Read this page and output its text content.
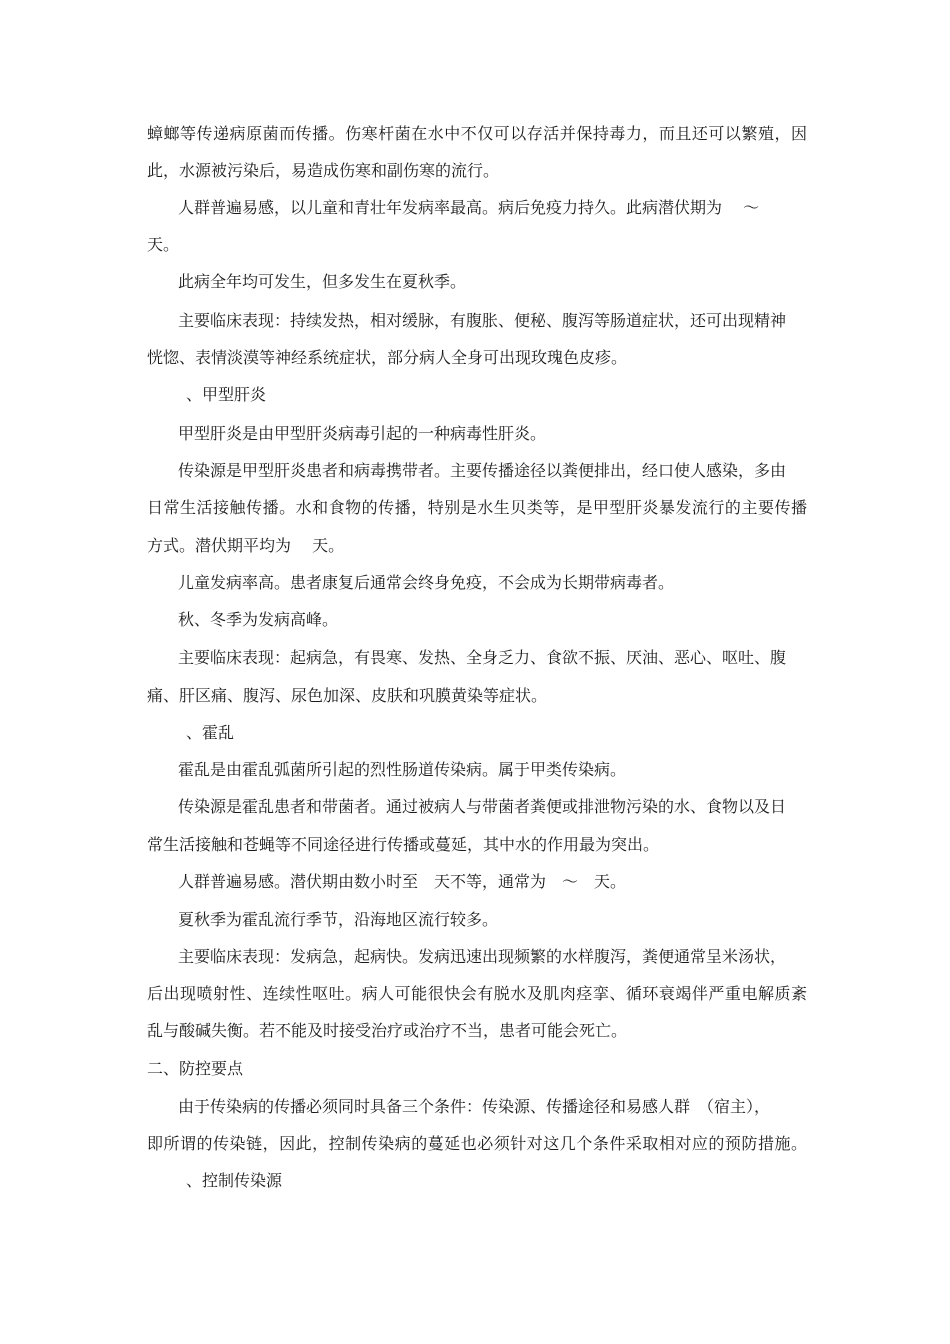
蟑螂等传递病原菌而传播。伤寒杆菌在水中不仅可以存活并保持毒力，而且还可以繁殖，因
此，水源被污染后，易造成伤寒和副伤寒的流行。
人群普遍易感，以儿童和青壮年发病率最高。病后免疫力持久。此病潜伏期为　 ～
天。
此病全年均可发生，但多发生在夏秋季。
主要临床表现：持续发热，相对缓脉，有腹胀、便秘、腹泻等肠道症状，还可出现精神
恍惚、表情淡漠等神经系统症状，部分病人全身可出现玫瑰色皮疹。
、甲型肝炎
甲型肝炎是由甲型肝炎病毒引起的一种病毒性肝炎。
传染源是甲型肝炎患者和病毒携带者。主要传播途径以粪便排出，经口使人感染，多由
日常生活接触传播。水和食物的传播，特别是水生贝类等，是甲型肝炎暴发流行的主要传播
方式。潜伏期平均为　 天。
儿童发病率高。患者康复后通常会终身免疫，不会成为长期带病毒者。
秋、冬季为发病高峰。
主要临床表现：起病急，有畏寒、发热、全身乏力、食欲不振、厌油、恶心、呕吐、腹
痛、肝区痛、腹泻、尿色加深、皮肤和巩膜黄染等症状。
、霍乱
霍乱是由霍乱弧菌所引起的烈性肠道传染病。属于甲类传染病。
传染源是霍乱患者和带菌者。通过被病人与带菌者粪便或排泄物污染的水、食物以及日
常生活接触和苍蝇等不同途径进行传播或蔓延，其中水的作用最为突出。
人群普遍易感。潜伏期由数小时至　天不等，通常为　～　天。
夏秋季为霍乱流行季节，沿海地区流行较多。
主要临床表现：发病急，起病快。发病迅速出现频繁的水样腹泻，粪便通常呈米汤状，
后出现喷射性、连续性呕吐。病人可能很快会有脱水及肌肉痉挛、循环衰竭伴严重电解质紊
乱与酸碱失衡。若不能及时接受治疗或治疗不当，患者可能会死亡。
二、防控要点
由于传染病的传播必须同时具备三个条件：传染源、传播途径和易感人群　（宿主），
即所谓的传染链，因此，控制传染病的蔓延也必须针对这几个条件采取相对应的预防措施。
、控制传染源
